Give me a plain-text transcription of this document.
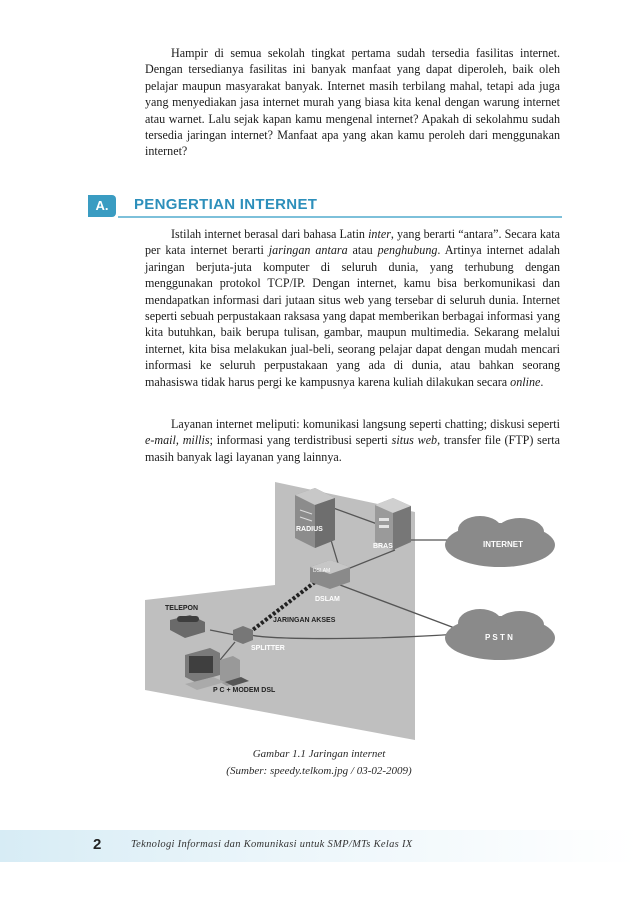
Hampir di semua sekolah tingkat pertama sudah tersedia fasilitas internet. Dengan tersedianya fasilitas ini banyak manfaat yang dapat diperoleh, baik oleh pelajar maupun masyarakat banyak. Internet masih terbilang mahal, tetapi ada juga yang menyediakan jasa internet murah yang biasa kita kenal dengan warung internet atau warnet. Lalu sejak kapan kamu mengenal internet? Apakah di sekolahmu sudah tersedia jaringan internet? Manfaat apa yang akan kamu peroleh dari menggunakan internet?

A.	PENGERTIAN INTERNET

Istilah internet berasal dari bahasa Latin inter, yang berarti “antara”. Secara kata per kata internet berarti jaringan antara atau penghubung. Artinya internet adalah jaringan berjuta-juta komputer di seluruh dunia, yang terhubung dengan menggunakan protokol TCP/IP. Dengan internet, kamu bisa berkomunikasi dan mendapatkan informasi dari jutaan situs web yang tersebar di seluruh dunia. Internet seperti sebuah perpustakaan raksasa yang dapat memberikan berbagai informasi yang kita butuhkan, baik berupa tulisan, gambar, maupun multimedia. Sekarang melalui internet, kita bisa melakukan jual-beli, seorang pelajar dapat dengan mudah mencari informasi ke seluruh perpustakaan yang ada di dunia, atau bahkan seorang mahasiswa tidak harus pergi ke kampusnya karena kuliah dilakukan secara online.

Layanan internet meliputi: komunikasi langsung seperti chatting; diskusi seperti e-mail, millis; informasi yang terdistribusi seperti situs web, transfer file (FTP) serta masih banyak lagi layanan yang lainnya.

RADIUS
BRAS
DSLAM
DSLAM
INTERNET
P S T N
TELEPON
SPLITTER
JARINGAN AKSES
P C + MODEM DSL
Gambar 1.1 Jaringan internet
(Sumber: speedy.telkom.jpg / 03-02-2009)
2	Teknologi Informasi dan Komunikasi untuk SMP/MTs Kelas IX
